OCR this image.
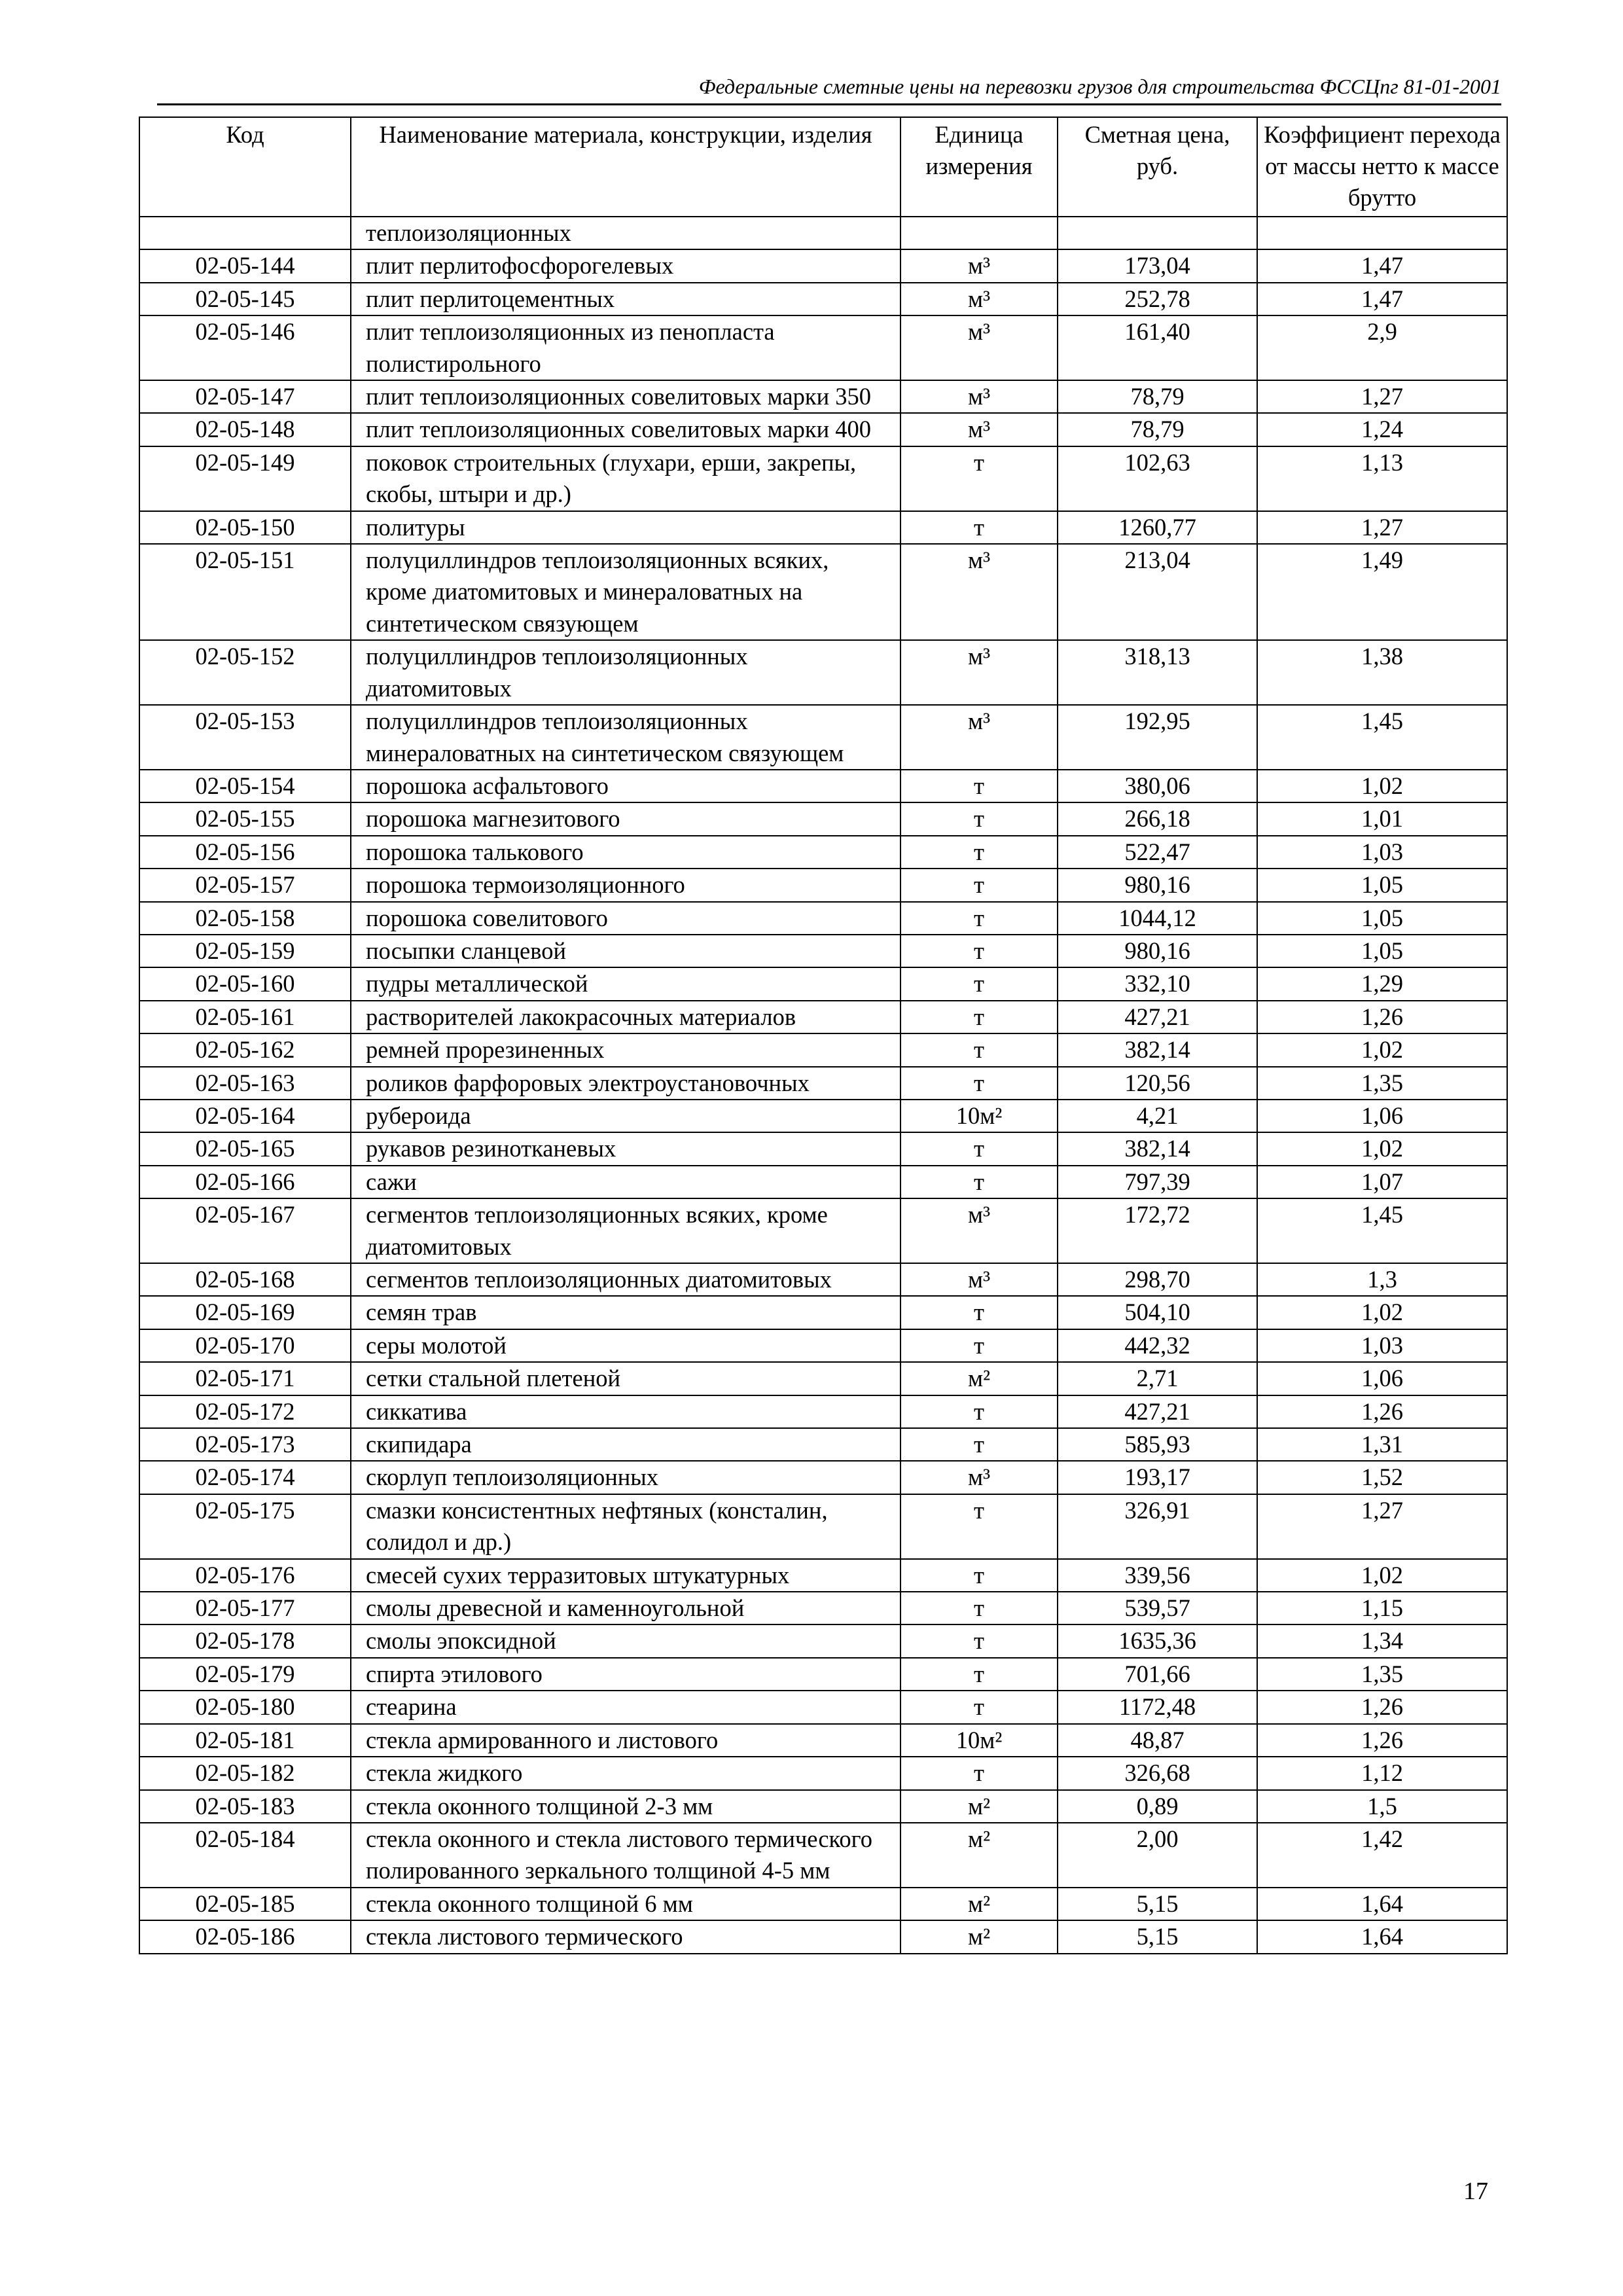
Федеральные сметные цены на перевозки грузов для строительства ФССЦпг 81-01-2001
Код	Наименование материала, конструкции, изделия	Единица измерения	Сметная цена, руб.	Коэффициент перехода от массы нетто к массе брутто
	теплоизоляционных			
02-05-144	плит перлитофосфорогелевых	м³	173,04	1,47
02-05-145	плит перлитоцементных	м³	252,78	1,47
02-05-146	плит теплоизоляционных из пенопласта полистирольного	м³	161,40	2,9
02-05-147	плит теплоизоляционных совелитовых марки 350	м³	78,79	1,27
02-05-148	плит теплоизоляционных совелитовых марки 400	м³	78,79	1,24
02-05-149	поковок строительных (глухари, ерши, закрепы, скобы, штыри и др.)	т	102,63	1,13
02-05-150	политуры	т	1260,77	1,27
02-05-151	полуциллиндров теплоизоляционных всяких, кроме диатомитовых и минераловатных на синтетическом связующем	м³	213,04	1,49
02-05-152	полуциллиндров теплоизоляционных диатомитовых	м³	318,13	1,38
02-05-153	полуциллиндров теплоизоляционных минераловатных на синтетическом связующем	м³	192,95	1,45
02-05-154	порошока асфальтового	т	380,06	1,02
02-05-155	порошока магнезитового	т	266,18	1,01
02-05-156	порошока талькового	т	522,47	1,03
02-05-157	порошока термоизоляционного	т	980,16	1,05
02-05-158	порошока совелитового	т	1044,12	1,05
02-05-159	посыпки сланцевой	т	980,16	1,05
02-05-160	пудры металлической	т	332,10	1,29
02-05-161	растворителей лакокрасочных материалов	т	427,21	1,26
02-05-162	ремней прорезиненных	т	382,14	1,02
02-05-163	роликов фарфоровых электроустановочных	т	120,56	1,35
02-05-164	рубероида	10м²	4,21	1,06
02-05-165	рукавов резинотканевых	т	382,14	1,02
02-05-166	сажи	т	797,39	1,07
02-05-167	сегментов теплоизоляционных всяких, кроме диатомитовых	м³	172,72	1,45
02-05-168	сегментов теплоизоляционных диатомитовых	м³	298,70	1,3
02-05-169	семян трав	т	504,10	1,02
02-05-170	серы молотой	т	442,32	1,03
02-05-171	сетки стальной плетеной	м²	2,71	1,06
02-05-172	сиккатива	т	427,21	1,26
02-05-173	скипидара	т	585,93	1,31
02-05-174	скорлуп теплоизоляционных	м³	193,17	1,52
02-05-175	смазки консистентных нефтяных (консталин, солидол и др.)	т	326,91	1,27
02-05-176	смесей сухих терразитовых штукатурных	т	339,56	1,02
02-05-177	смолы древесной и каменноугольной	т	539,57	1,15
02-05-178	смолы эпоксидной	т	1635,36	1,34
02-05-179	спирта этилового	т	701,66	1,35
02-05-180	стеарина	т	1172,48	1,26
02-05-181	стекла армированного и листового	10м²	48,87	1,26
02-05-182	стекла жидкого	т	326,68	1,12
02-05-183	стекла оконного толщиной 2-3 мм	м²	0,89	1,5
02-05-184	стекла оконного и стекла листового термического полированного зеркального толщиной 4-5 мм	м²	2,00	1,42
02-05-185	стекла оконного толщиной 6 мм	м²	5,15	1,64
02-05-186	стекла листового термического	м²	5,15	1,64
17
